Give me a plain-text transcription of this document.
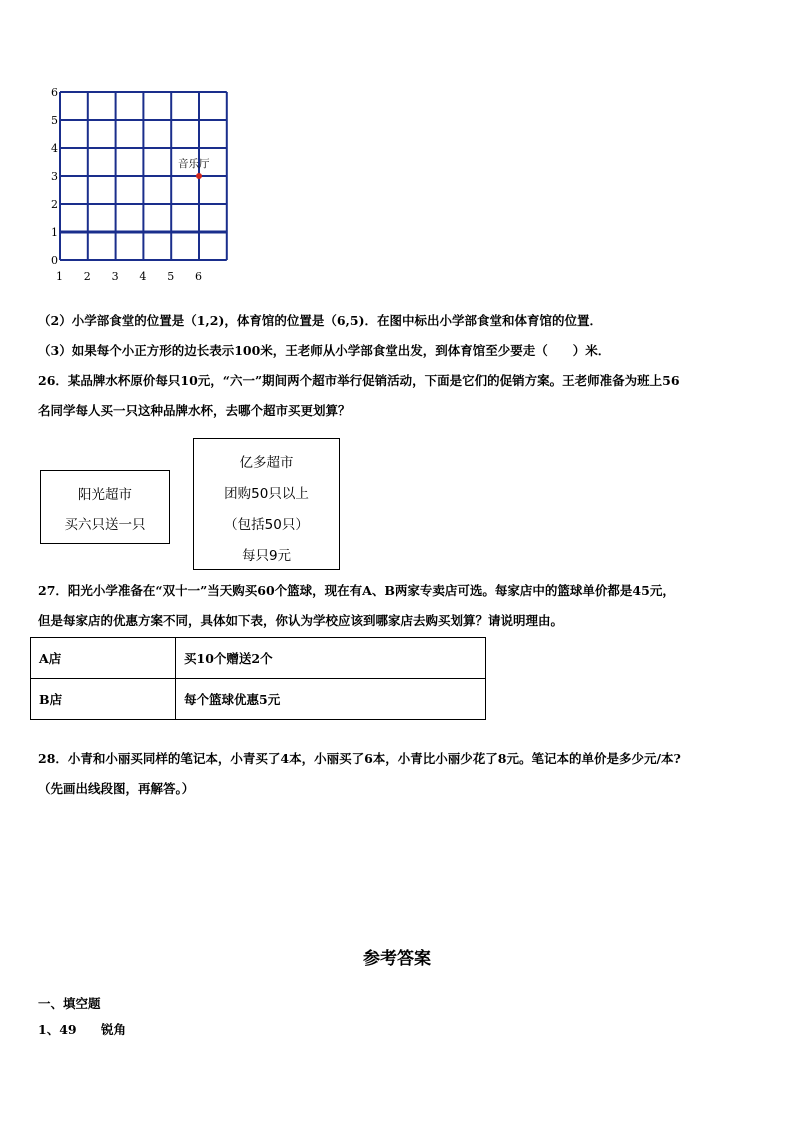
0
1
2
3
4
5
6
1 2 3 4 5 6
音乐厅
（2）小学部食堂的位置是（1,2)，体育馆的位置是（6,5)．在图中标出小学部食堂和体育馆的位置．
（3）如果每个小正方形的边长表示100米，王老师从小学部食堂出发，到体育馆至少要走（　　）米．
26．某品牌水杯原价每只10元，“六一”期间两个超市举行促销活动，下面是它们的促销方案。王老师准备为班上56
名同学每人买一只这种品牌水杯，去哪个超市买更划算？
阳光超市
买六只送一只
亿多超市
团购50只以上
（包括50只）
每只9元
27．阳光小学准备在“双十一”当天购买60个篮球，现在有A、B两家专卖店可选。每家店中的篮球单价都是45元，
但是每家店的优惠方案不同，具体如下表，你认为学校应该到哪家店去购买划算？请说明理由。
A店	买10个赠送2个
B店	每个篮球优惠5元
28．小青和小丽买同样的笔记本，小青买了4本，小丽买了6本，小青比小丽少花了8元。笔记本的单价是多少元/本?
（先画出线段图，再解答。）
参考答案
一、填空题
1、49 锐角
